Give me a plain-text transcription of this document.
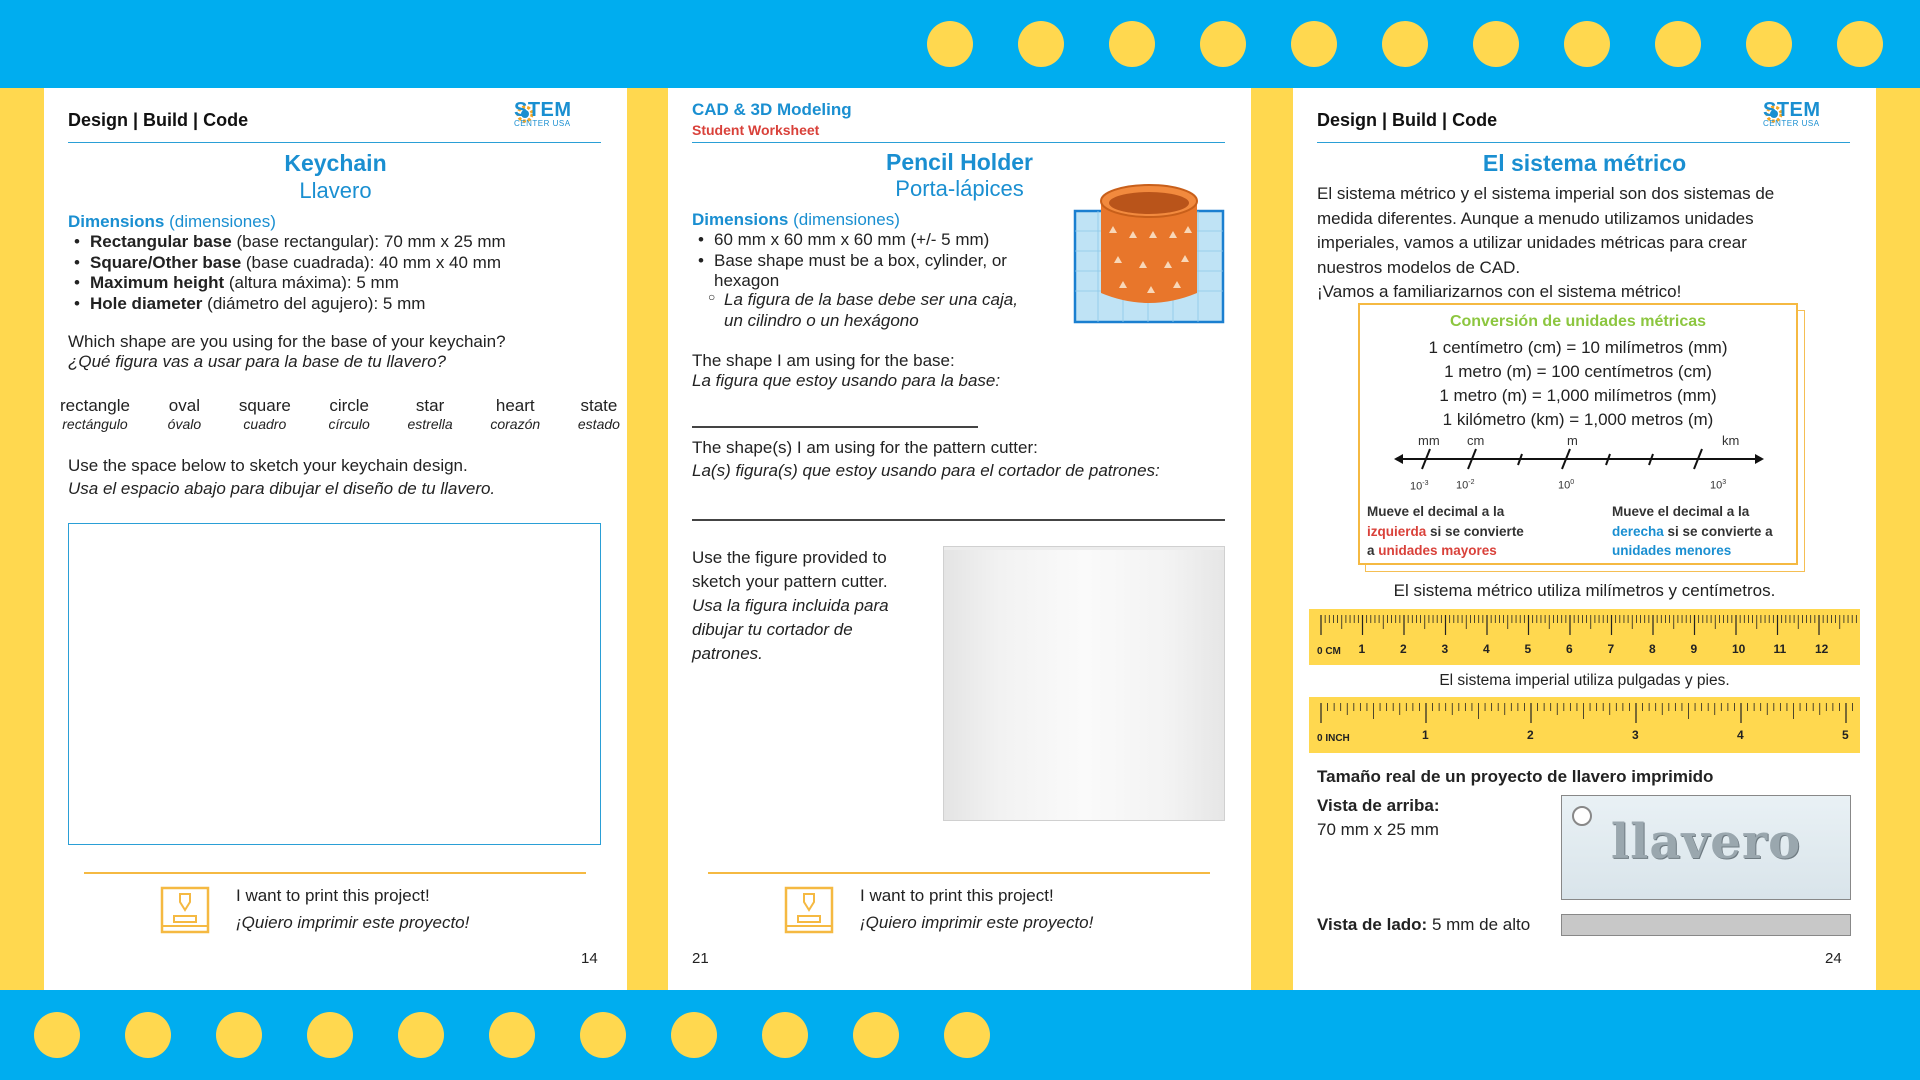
Design | Build | Code	STEM
CENTER USA
Keychain
Llavero
Dimensions (dimensiones)
• Rectangular base (base rectangular): 70 mm x 25 mm
• Square/Other base (base cuadrada): 40 mm x 40 mm
• Maximum height (altura máxima): 5 mm
• Hole diameter (diámetro del agujero): 5 mm
Which shape are you using for the base of your keychain?
¿Qué figura vas a usar para la base de tu llavero?
rectangle
rectángulo
oval
óvalo
square
cuadro
circle
círculo
star
estrella
heart
corazón
state
estado
Use the space below to sketch your keychain design.
Usa el espacio abajo para dibujar el diseño de tu llavero.
I want to print this project!
¡Quiero imprimir este proyecto!
14
CAD & 3D Modeling
Student Worksheet
Pencil Holder
Porta-lápices
Dimensions (dimensiones)
• 60 mm x 60 mm x 60 mm (+/- 5 mm)
• Base shape must be a box, cylinder, or hexagon
○ La figura de la base debe ser una caja,
un cilindro o un hexágono
The shape I am using for the base:
La figura que estoy usando para la base:
The shape(s) I am using for the pattern cutter:
La(s) figura(s) que estoy usando para el cortador de patrones:
Use the figure provided to
sketch your pattern cutter.
Usa la figura incluida para
dibujar tu cortador de
patrones.
I want to print this project!
¡Quiero imprimir este proyecto!
21
Design | Build | Code	STEM
CENTER USA
El sistema métrico
El sistema métrico y el sistema imperial son dos sistemas de
medida diferentes. Aunque a menudo utilizamos unidades
imperiales, vamos a utilizar unidades métricas para crear
nuestros modelos de CAD.
¡Vamos a familiarizarnos con el sistema métrico!
Conversión de unidades métricas
1 centímetro (cm) = 10 milímetros (mm)
1 metro (m) = 100 centímetros (cm)
1 metro (m) = 1,000 milímetros (mm)
1 kilómetro (km) = 1,000 metros (m)
mm cm	m	km
$10^{-3}$	$10^{-2}$	$10^0$	$10^3$
Mueve el decimal a la
izquierda si se convierte
a unidades mayores
Mueve el decimal a la
derecha si se convierte a
unidades menores
El sistema métrico utiliza milímetros y centímetros.
0 CM 1	2	3	4	5	6	7	8	9	10 11 12
El sistema imperial utiliza pulgadas y pies.
0 INCH	1	2	3	4	5
Tamaño real de un proyecto de llavero imprimido
Vista de arriba:
70 mm x 25 mm	llavero
Vista de lado: 5 mm de alto
24
